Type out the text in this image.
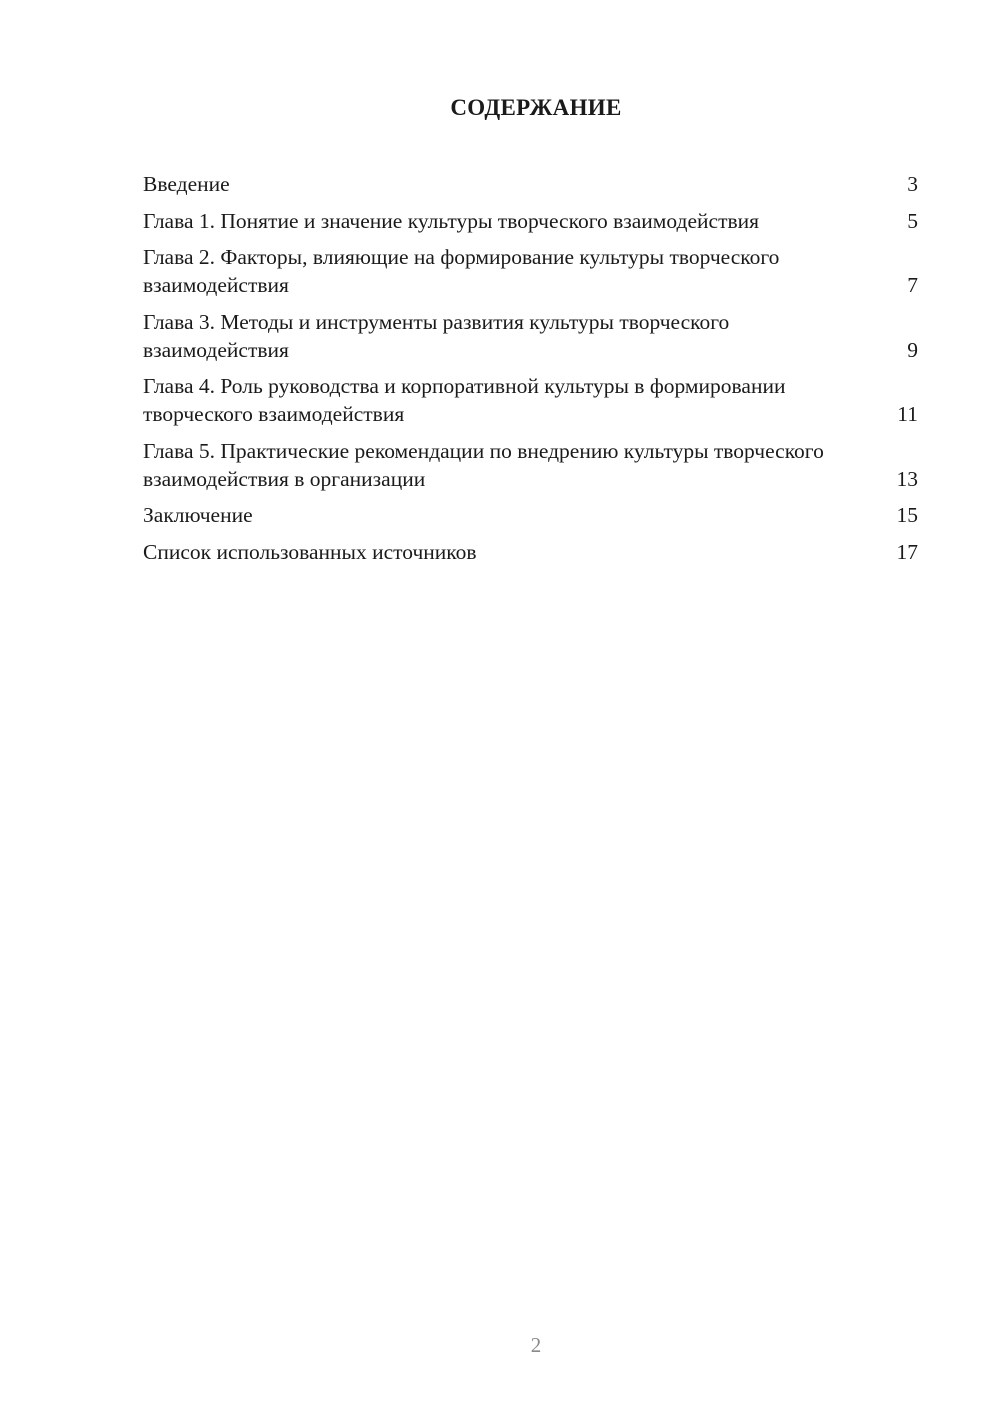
СОДЕРЖАНИЕ
Введение	3
Глава 1. Понятие и значение культуры творческого взаимодействия	5
Глава 2. Факторы, влияющие на формирование культуры творческого взаимодействия	7
Глава 3. Методы и инструменты развития культуры творческого взаимодействия	9
Глава 4. Роль руководства и корпоративной культуры в формировании творческого взаимодействия	11
Глава 5. Практические рекомендации по внедрению культуры творческого взаимодействия в организации	13
Заключение	15
Список использованных источников	17
2
